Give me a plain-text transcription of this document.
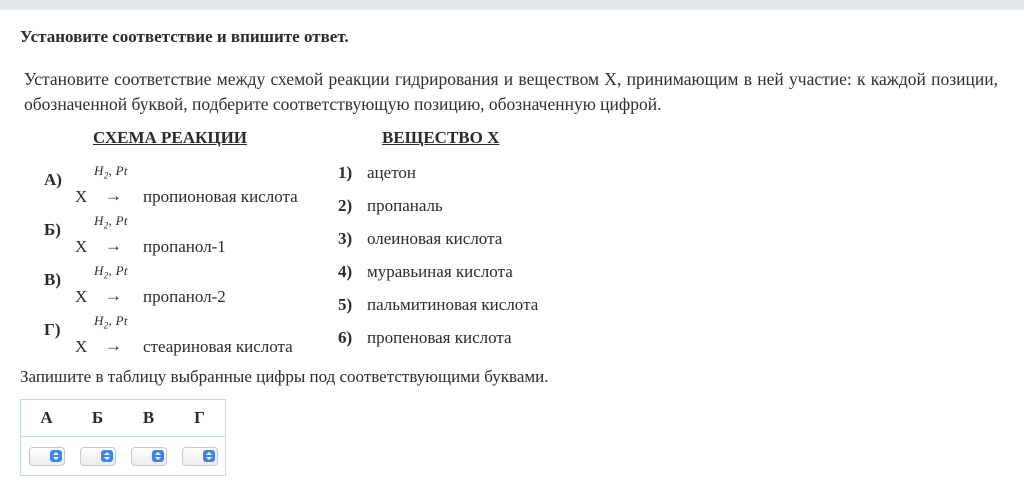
Установите соответствие и впишите ответ.
Установите соответствие между схемой реакции гидрирования и веществом X, принимающим в ней участие: к каждой позиции, обозначенной буквой, подберите соответствующую позицию, обозначенную цифрой.
СХЕМА РЕАКЦИИ	ВЕЩЕСТВО X
А) $H_2$, Pt
X → пропионовая кислота
Б)	$H_2$, Pt
X → пропанол-1
В)	$H_2$, Pt
X → пропанол-2
Г)	$H_2$, Pt
X → стеариновая кислота
1) ацетон
2) пропаналь
3) олеиновая кислота
4) муравьиная кислота
5) пальмитиновая кислота
6) пропеновая кислота
Запишите в таблицу выбранные цифры под соответствующими буквами.
А	Б	В	Г
